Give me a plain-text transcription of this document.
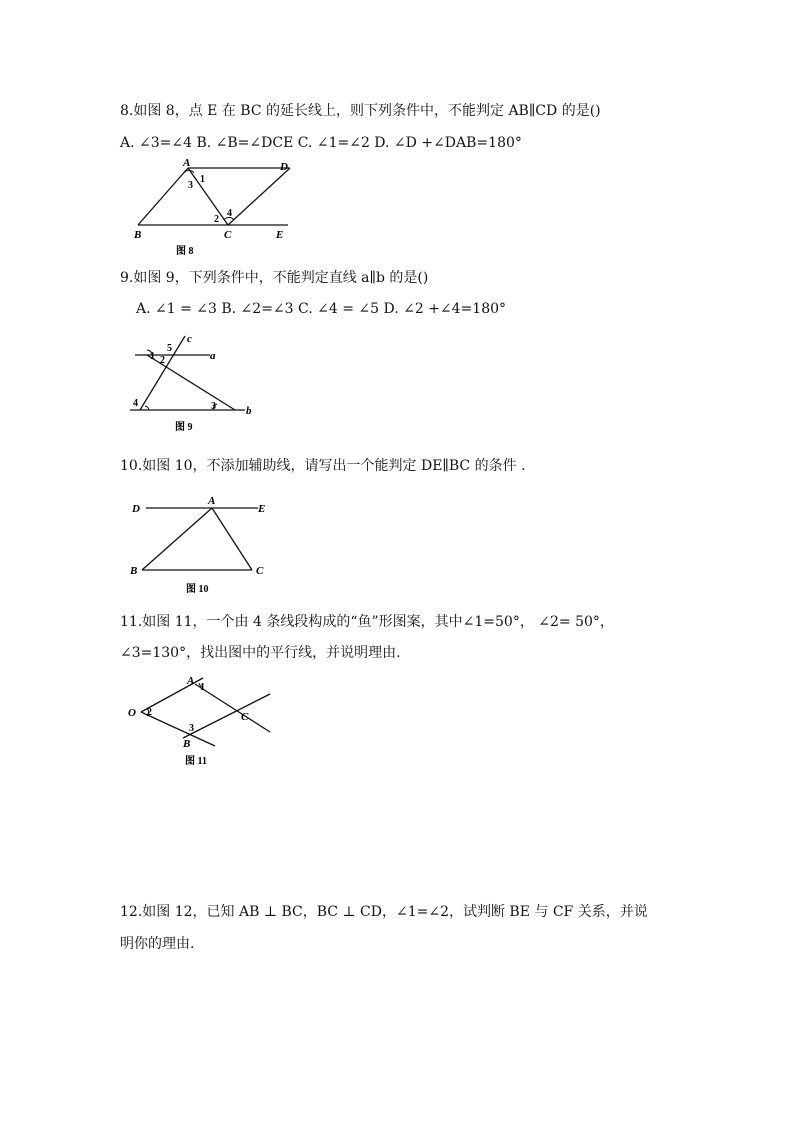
8.如图 8，点 E 在 BC 的延长线上，则下列条件中，不能判定 AB∥CD 的是()
A. ∠3=∠4 B. ∠B=∠DCE C. ∠1=∠2 D. ∠D +∠DAB=180°
A	D
B	C	E
1
3
2
4
图 8
9.如图 9，下列条件中，不能判定直线 a∥b 的是()
A. ∠1 = ∠3 B. ∠2=∠3 C. ∠4 = ∠5 D. ∠2 +∠4=180°
c
a
b
5
1 2
4	3
图 9
10.如图 10，不添加辅助线，请写出一个能判定 DE∥BC 的条件 .
A
D	E
B	C
图 10
11.如图 11，一个由 4 条线段构成的“鱼”形图案，其中∠1=50°， ∠2= 50°，
∠3=130°，找出图中的平行线，并说明理由.
A
O	C
B
1
2
3
图 11
12.如图 12，已知 AB ⊥ BC，BC ⊥ CD，∠1=∠2，试判断 BE 与 CF 关系，并说
明你的理由.
